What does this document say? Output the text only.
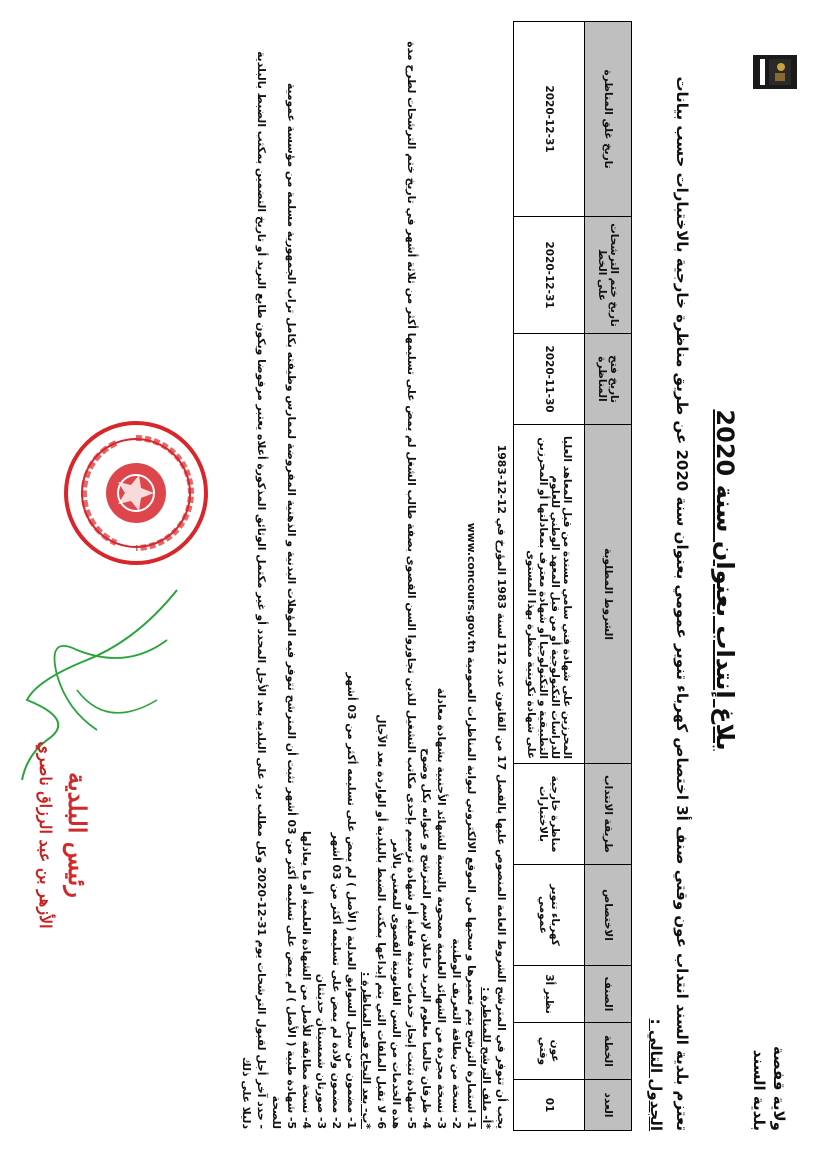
ولاية قفصة
بلدية السند
بلاغ إنتداب بعنوان سنة 2020
تعتزم بلدية السند انتداب عون وقتي صنف أ3 اختصاص كهرباء تنوير عمومي بعنوان سنة 2020 عن طريق مناظرة خارجية بالاختبارات حسب بيانات
الجدول التالي :
العدد	الخطة	الصنف	الاختصاص	طريقة الانتداب	الشروط المطلوبة	تاريخ فتح المناظرة	تاريخ ختم الترشحات على الخط	تاريخ غلق المناظرة
01	عون وقتي	نظير أ3	كهرباء تنوير عمومي	مناظرة خارجية بالاختبارات	المحرزين على شهادة فني سامي مسندة من قبل المعاهد العليا للدراسات التكنولوجية أو من قبل المعهد الوطني للعلوم التطبيقية و التكنولوجيا أو شهادة معترف بمعادلتها أو المحرزين على شهادة تكوينية منظرة بهذا المستوى	2020-11-30	2020-12-31	2020-12-31
يجب أن تتوفر في المترشح الشروط العامة المنصوص عليها بالفصل 17 من القانون عدد 112 لسنة 1983 المؤرخ في 12-12-1983
*أ- ملف الترشح للمناظرة :
1- استمارة الترشح يتم تعميرها و سحبها من الموقع الالكتروني لبوابة المناظرات العمومية www.concours.gov.tn
2- نسخة من بطاقة التعريف الوطنية
3- نسخة مجردة من الشهائد العلمية مصحوبة بالنسبة للشهائد الأجنبية بشهادة معادلة
4- ظرفان خالصا معلوم البريد حاملان لإسم المترشح و عنوانه بكل وضوح
5- شهادة تثبت إنجاز خدمات مدنية فعلية أو شهادة ترسيم بإحدى مكاتب التشغيل للذين تجاوزوا السن القصوى بصفة طالب الشغل لم يمض على تسليمها أكثر من ثلاثة أشهر في تاريخ ختم الترشحات لطرح مدة
هذه الخدمات من السن القانونية القصوى للمعني بالأمر
6- لا تقبل الملفات التي يتم إيداعها بمكتب الضبط بالبلدية أو الواردة بعد الآجال
*ب- بعد النجاح في المناظرة :
1- مضمون من سجل السوابق العدلية ( الأصل ) لم يمض على تسليمه أكثر من 03 أشهر
2- مضمون ولادة لم يمض على تسليمه أكثر من 03 أشهر
3- صورتان شمسيتان حديثتان
4- نسخة مطابقة للأصل من الشهادة العلمية أو ما يعادلها
5- شهادة طبية ( الأصل ) لم يمض على تسليمه أكثر من 03 أشهر تثبت أن المترشح تتوفر فيه المؤهلات البدنية و الذهنية المفروضة لممارس وظيفته بكامل تراب الجمهورية مسلمة من مؤسسة عمومية
للصحة
- حدد آخر أجل لقبول الترشحات يوم 31-12-2020 وكل مطلب يرد على البلدية بعد الأجل المحدد أو غير مكتمل الوثائق المذكورة أعلاه يعتبر مرفوضا ويكون طابع البريد أو تاريخ التضمين بمكتب الضبط بالبلدية
دليلا على ذلك
رئيس البلدية
الأزهر بن عبد الرزاق ناصري
